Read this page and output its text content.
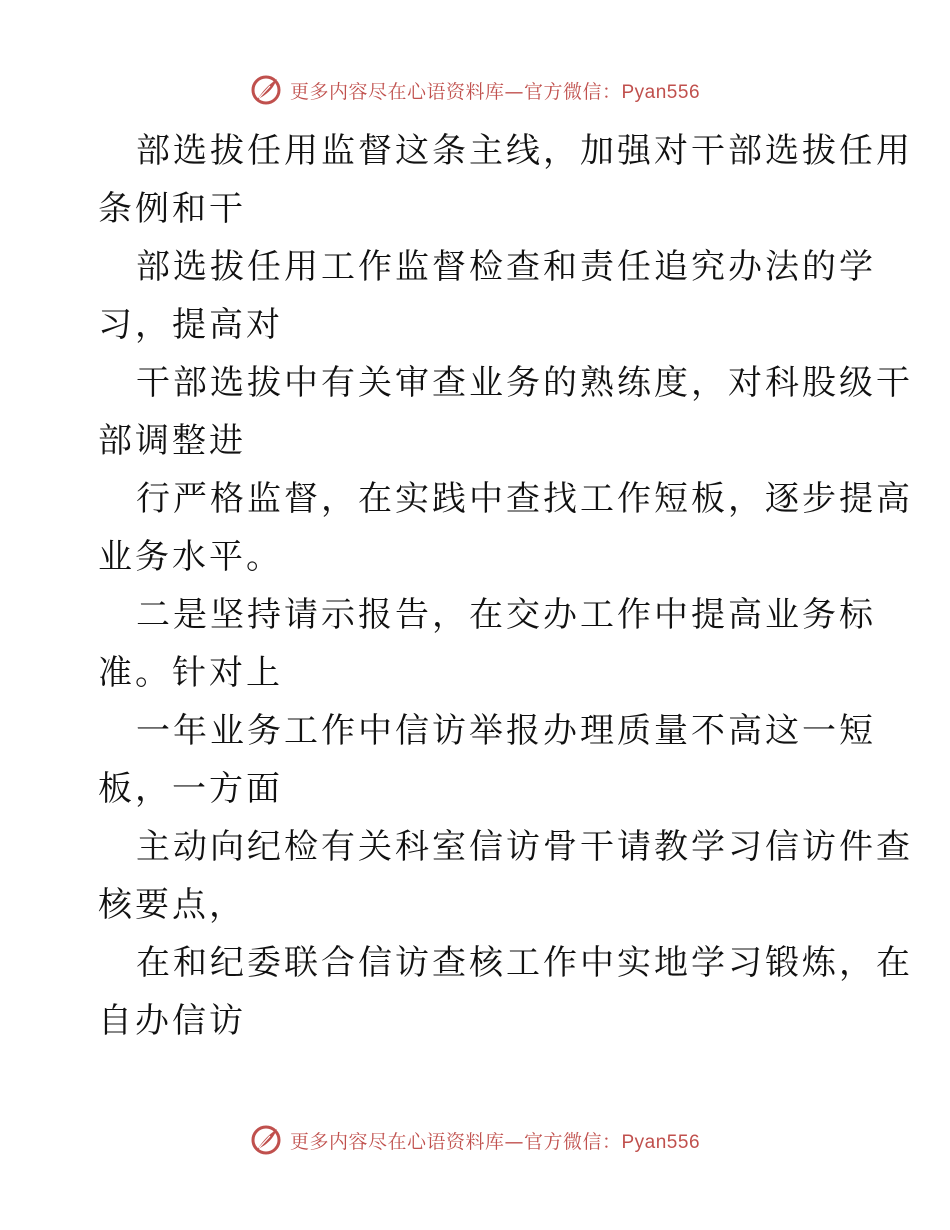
更多内容尽在心语资料库—官方微信：Pyan556
部选拔任用监督这条主线，加强对干部选拔任用
条例和干
部选拔任用工作监督检查和责任追究办法的学
习，提高对
干部选拔中有关审查业务的熟练度，对科股级干
部调整进
行严格监督，在实践中查找工作短板，逐步提高
业务水平。
二是坚持请示报告，在交办工作中提高业务标
准。针对上
一年业务工作中信访举报办理质量不高这一短
板，一方面
主动向纪检有关科室信访骨干请教学习信访件查
核要点，
在和纪委联合信访查核工作中实地学习锻炼，在
自办信访
更多内容尽在心语资料库—官方微信：Pyan556
